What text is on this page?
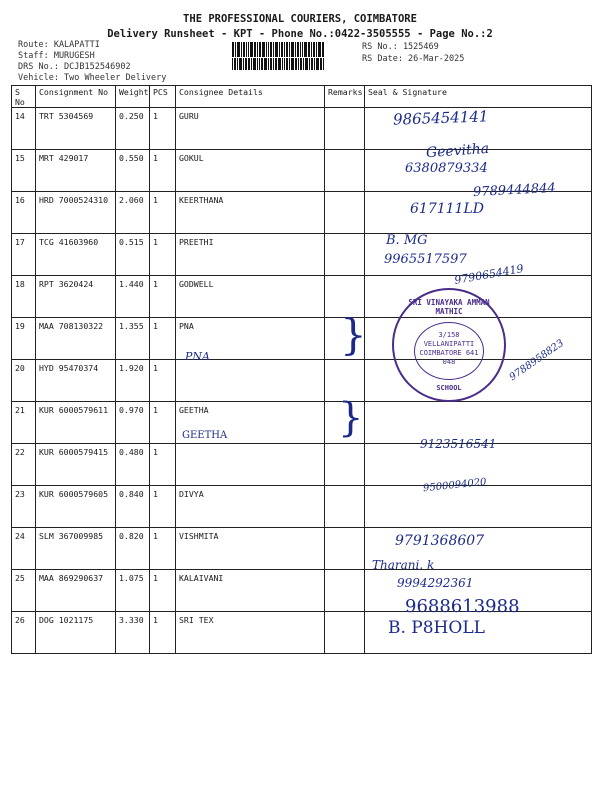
THE PROFESSIONAL COURIERS, COIMBATORE
Delivery Runsheet - KPT - Phone No.:0422-3505555 - Page No.:2
Route: KALAPATTI
Staff: MURUGESH
DRS No.: DCJB152546902
Vehicle: Two Wheeler Delivery
RS No.: 1525469
RS Date: 26-Mar-2025
S No	Consignment No	Weight	PCS	Consignee Details	Remarks	Seal & Signature
14	TRT 5304569	0.250	1	GURU		
15	MRT 429017	0.550	1	GOKUL		
16	HRD 7000524310	2.060	1	KEERTHANA		
17	TCG 41603960	0.515	1	PREETHI		
18	RPT 3620424	1.440	1	GODWELL		
19	MAA 708130322	1.355	1	PNA		
20	HYD 95470374	1.920	1			
21	KUR 6000579611	0.970	1	GEETHA		
22	KUR 6000579415	0.480	1			
23	KUR 6000579605	0.840	1	DIVYA		
24	SLM 367009985	0.820	1	VISHMITA		
25	MAA 869290637	1.075	1	KALAIVANI		
26	DOG 1021175	3.330	1	SRI TEX		
9865454141
Geevitha
6380879334
9789444844
617111LD
B. MG
9965517597
9790654419
PNA	9788958823
GEETHA
9123516541
9500094020
9791368607
Tharani. k
9994292361
9688613988
B. P8HOLL
}
}
SRI VINAYAKA AMMAN MATHIC
3/158 VELLANIPATTI COIMBATORE 641 048
SCHOOL
